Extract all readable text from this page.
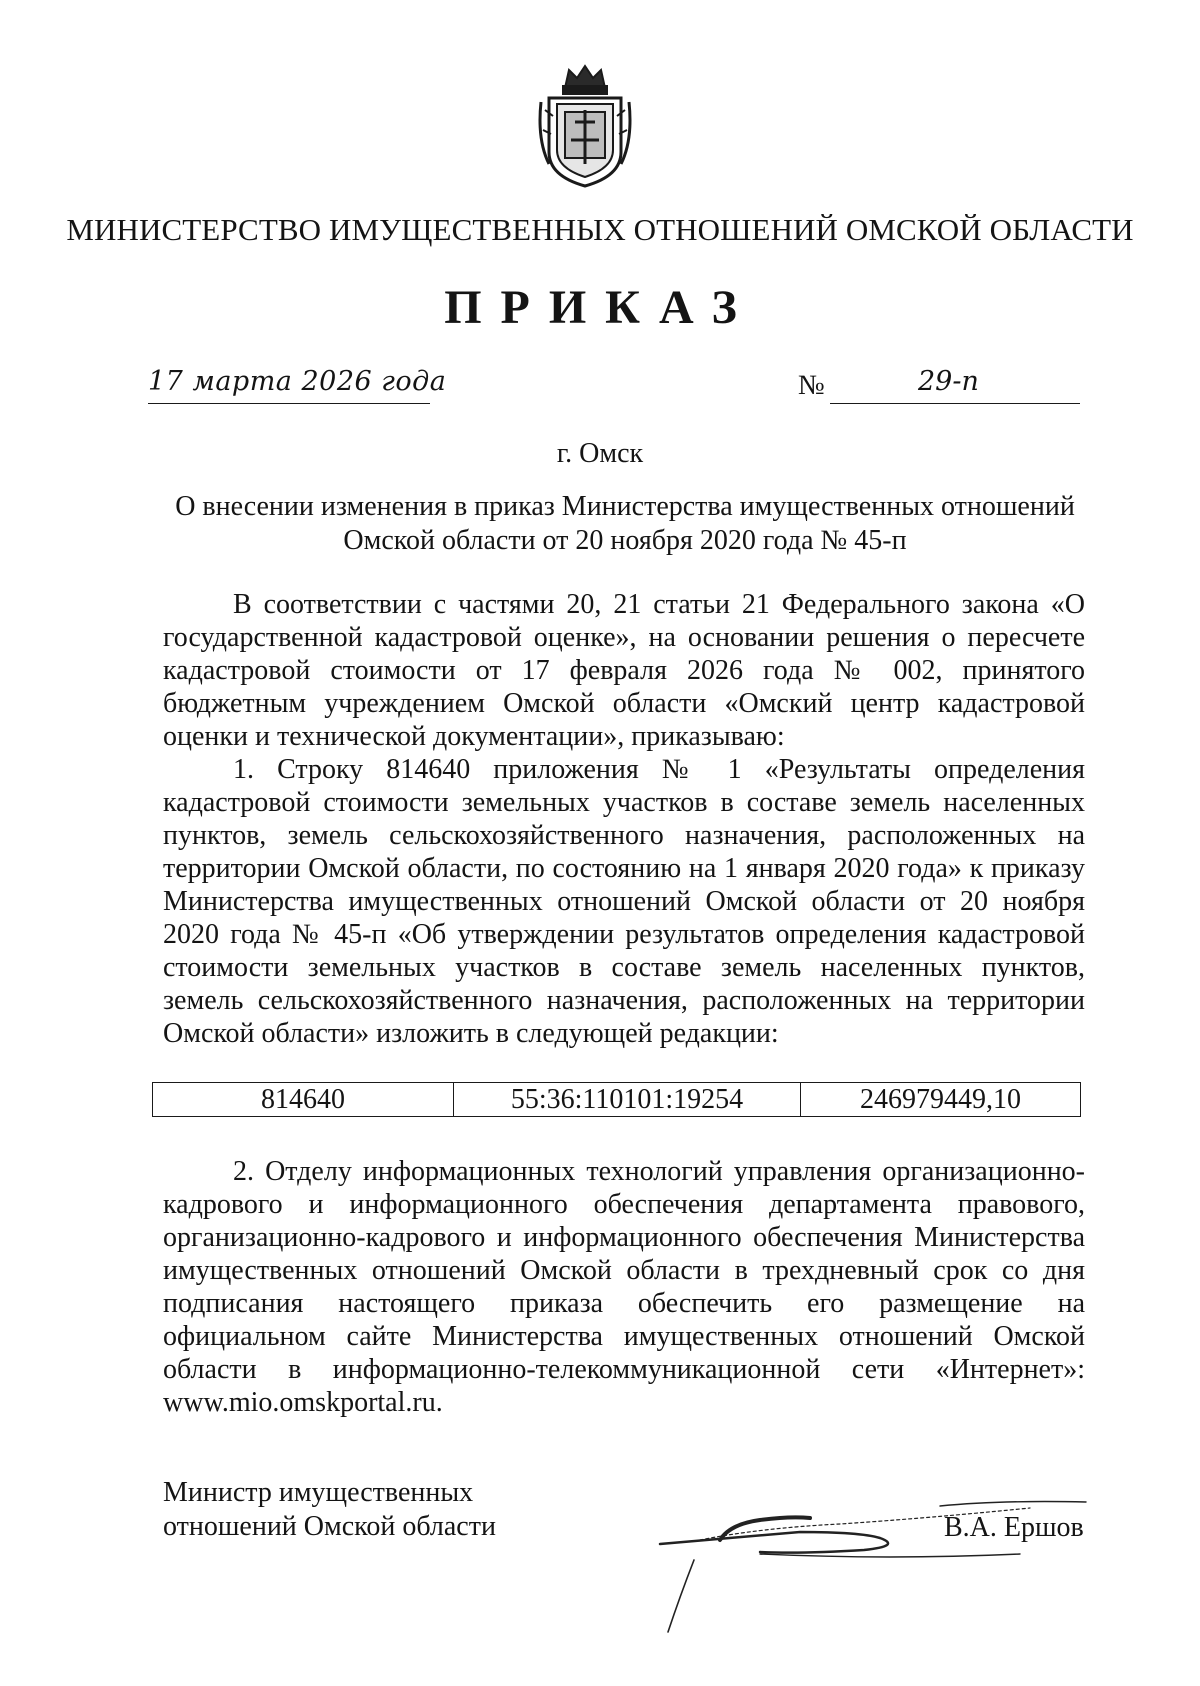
МИНИСТЕРСТВО ИМУЩЕСТВЕННЫХ ОТНОШЕНИЙ ОМСКОЙ ОБЛАСТИ
ПРИКАЗ
17 марта 2026 года	№	29-п
г. Омск
О внесении изменения в приказ Министерства имущественных отношений Омской области от 20 ноября 2020 года № 45-п

В соответствии с частями 20, 21 статьи 21 Федерального закона «О государственной кадастровой оценке», на основании решения о пересчете кадастровой стоимости от 17 февраля 2026 года № 002, принятого бюджетным учреждением Омской области «Омский центр кадастровой оценки и технической документации», приказываю:

1. Строку 814640 приложения № 1 «Результаты определения кадастровой стоимости земельных участков в составе земель населенных пунктов, земель сельскохозяйственного назначения, расположенных на территории Омской области, по состоянию на 1 января 2020 года» к приказу Министерства имущественных отношений Омской области от 20 ноября 2020 года № 45-п «Об утверждении результатов определения кадастровой стоимости земельных участков в составе земель населенных пунктов, земель сельскохозяйственного назначения, расположенных на территории Омской области» изложить в следующей редакции:

814640	55:36:110101:19254	246979449,10

2. Отделу информационных технологий управления организационно-кадрового и информационного обеспечения департамента правового, организационно-кадрового и информационного обеспечения Министерства имущественных отношений Омской области в трехдневный срок со дня подписания настоящего приказа обеспечить его размещение на официальном сайте Министерства имущественных отношений Омской области в информационно-телекоммуникационной сети «Интернет»: www.mio.omskportal.ru.

Министр имущественных
отношений Омской области	В.А. Ершов
